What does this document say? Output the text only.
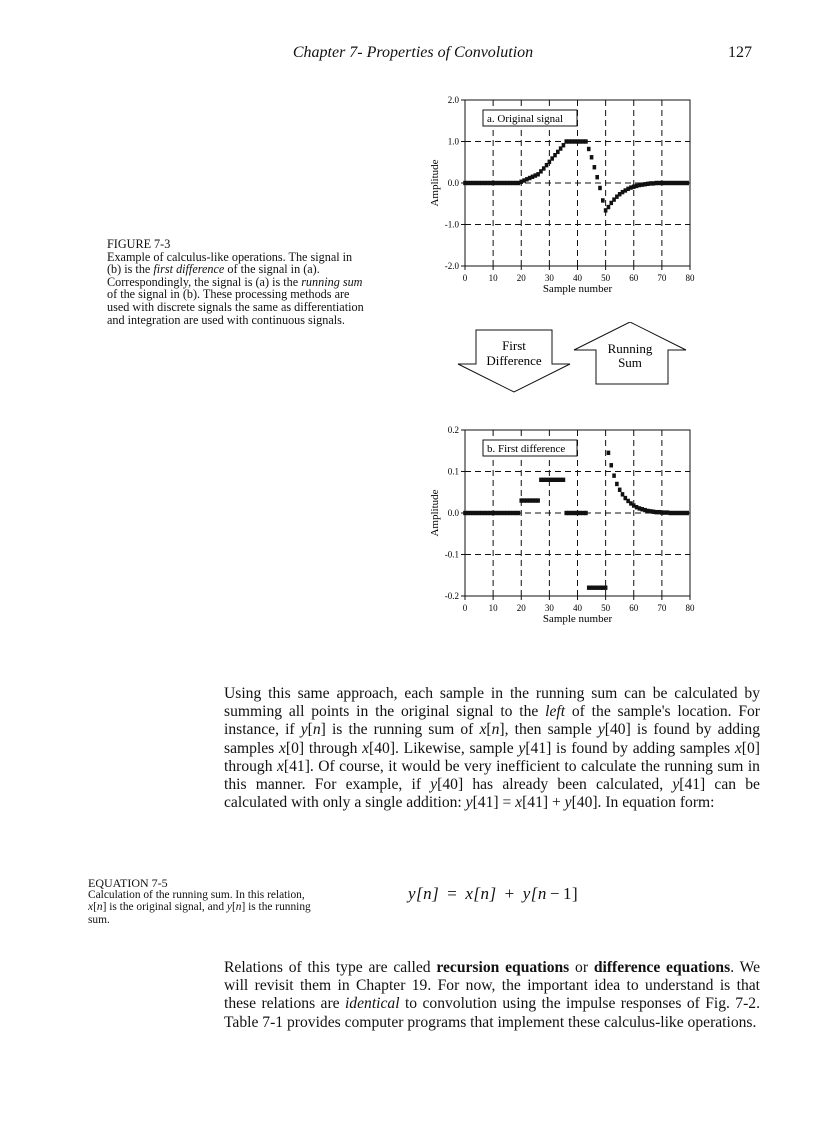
Chapter 7- Properties of Convolution	127
FIGURE 7-3
Example of calculus-like operations. The signal in (b) is the first difference of the signal in (a). Correspondingly, the signal is (a) is the running sum of the signal in (b). These processing methods are used with discrete signals the same as differentiation and integration are used with continuous signals.
0 10 20 30 40 50 60 70 80
-2.0
-1.0
0.0
1.0
2.0
Sample number
Amplitude
a. Original signal
First
Difference
Running
Sum
0 10 20 30 40 50 60 70 80
-0.2
-0.1
0.0
0.1
0.2
Sample number
Amplitude
b. First difference
Using this same approach, each sample in the running sum can be calculated by summing all points in the original signal to the left of the sample's location. For instance, if y[n] is the running sum of x[n], then sample y[40] is found by adding samples x[0] through x[40]. Likewise, sample y[41] is found by adding samples x[0] through x[41]. Of course, it would be very inefficient to calculate the running sum in this manner. For example, if y[40] has already been calculated, y[41] can be calculated with only a single addition: y[41] = x[41] + y[40]. In equation form:
EQUATION 7-5
Calculation of the running sum. In this relation, x[n] is the original signal, and y[n] is the running sum.
y[n] = x[n] + y[n − 1]
Relations of this type are called recursion equations or difference equations. We will revisit them in Chapter 19. For now, the important idea to understand is that these relations are identical to convolution using the impulse responses of Fig. 7-2. Table 7-1 provides computer programs that implement these calculus-like operations.
